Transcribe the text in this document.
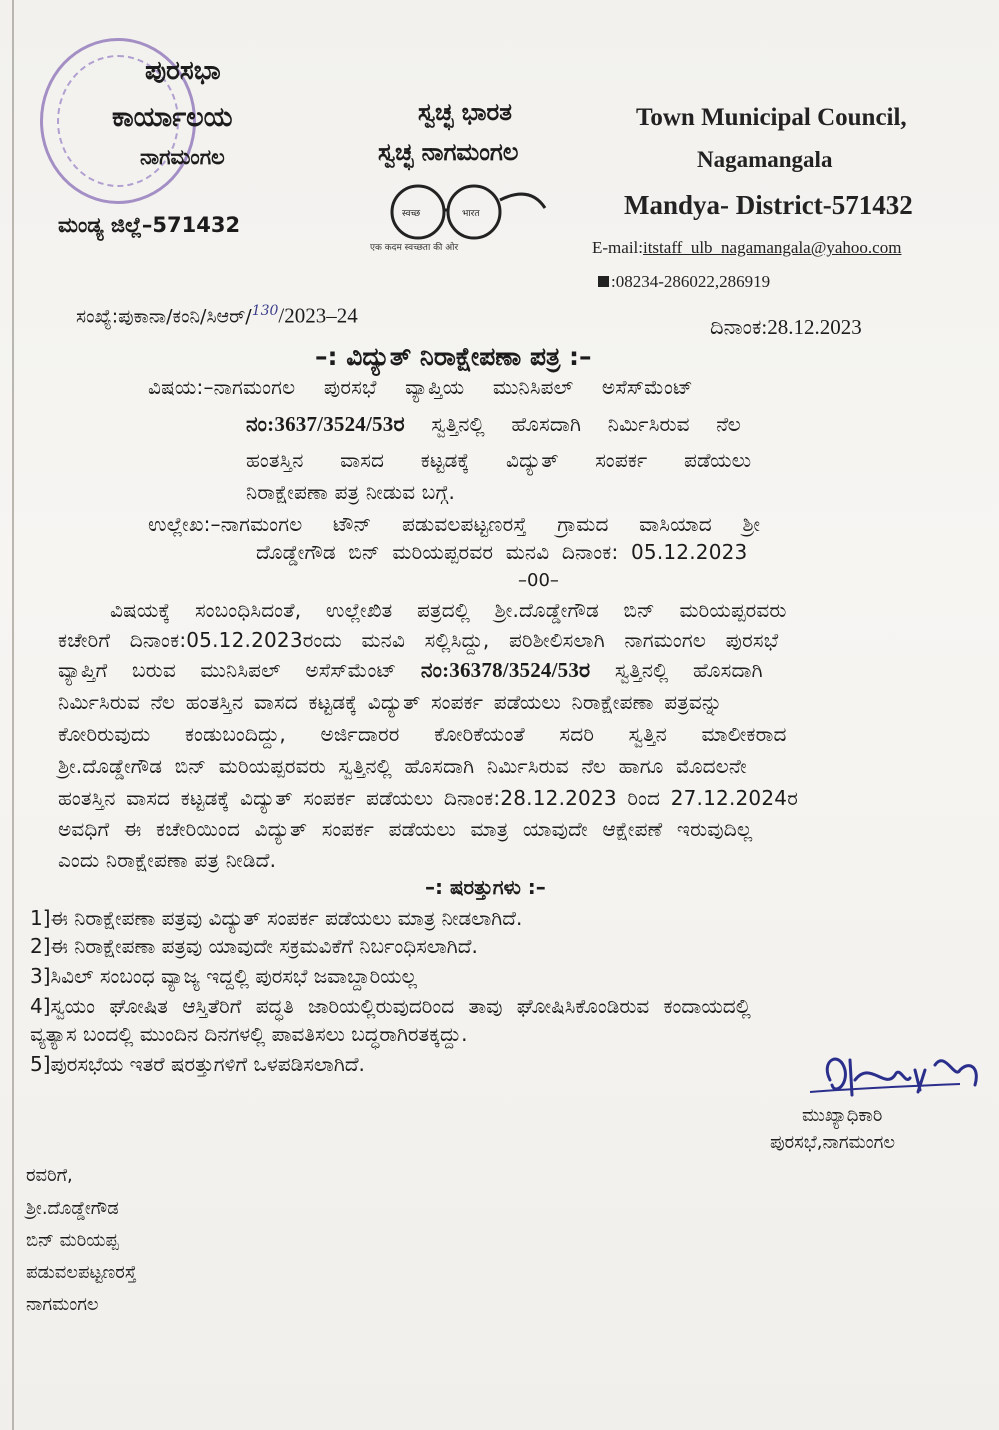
ಪುರಸಭಾ
ಕಾರ್ಯಾಲಯ
ನಾಗಮಂಗಲ
ಮಂಡ್ಯ ಜಿಲ್ಲೆ–571432
ಸ್ವಚ್ಛ ಭಾರತ
ಸ್ವಚ್ಛ ನಾಗಮಂಗಲ
स्वच्छ	भारत
एक कदम स्वच्छता की ओर
Town Municipal Council,
Nagamangala
Mandya- District-571432
E-mail:itstaff_ulb_nagamangala@yahoo.com
:08234-286022,286919
ಸಂಖ್ಯೆ:ಪುಕಾನಾ/ಕಂನಿ/ಸಿಆರ್/$^{130}$/2023–24	ದಿನಾಂಕ:28.12.2023
–: ವಿದ್ಯುತ್ ನಿರಾಕ್ಷೇಪಣಾ ಪತ್ರ :–
ವಿಷಯ:–ನಾಗಮಂಗಲ ಪುರಸಭೆ ವ್ಯಾಪ್ತಿಯ ಮುನಿಸಿಪಲ್ ಅಸೆಸ್‌ಮೆಂಟ್
ನಂ:3637/3524/53ರ ಸ್ವತ್ತಿನಲ್ಲಿ ಹೊಸದಾಗಿ ನಿರ್ಮಿಸಿರುವ ನೆಲ
ಹಂತಸ್ತಿನ ವಾಸದ ಕಟ್ಟಡಕ್ಕೆ ವಿದ್ಯುತ್ ಸಂಪರ್ಕ ಪಡೆಯಲು
ನಿರಾಕ್ಷೇಪಣಾ ಪತ್ರ ನೀಡುವ ಬಗ್ಗೆ.
ಉಲ್ಲೇಖ:–ನಾಗಮಂಗಲ ಟೌನ್ ಪಡುವಲಪಟ್ಟಣರಸ್ತೆ ಗ್ರಾಮದ ವಾಸಿಯಾದ ಶ್ರೀ
ದೊಡ್ಡೇಗೌಡ ಬಿನ್ ಮರಿಯಪ್ಪರವರ ಮನವಿ ದಿನಾಂಕ: 05.12.2023
–00–
ವಿಷಯಕ್ಕೆ ಸಂಬಂಧಿಸಿದಂತೆ, ಉಲ್ಲೇಖಿತ ಪತ್ರದಲ್ಲಿ ಶ್ರೀ.ದೊಡ್ಡೇಗೌಡ ಬಿನ್ ಮರಿಯಪ್ಪರವರು
ಕಚೇರಿಗೆ ದಿನಾಂಕ:05.12.2023ರಂದು ಮನವಿ ಸಲ್ಲಿಸಿದ್ದು, ಪರಿಶೀಲಿಸಲಾಗಿ ನಾಗಮಂಗಲ ಪುರಸಭೆ
ವ್ಯಾಪ್ತಿಗೆ ಬರುವ ಮುನಿಸಿಪಲ್ ಅಸೆಸ್‌ಮೆಂಟ್ ನಂ:36378/3524/53ರ ಸ್ವತ್ತಿನಲ್ಲಿ ಹೊಸದಾಗಿ
ನಿರ್ಮಿಸಿರುವ ನೆಲ ಹಂತಸ್ತಿನ ವಾಸದ ಕಟ್ಟಡಕ್ಕೆ ವಿದ್ಯುತ್ ಸಂಪರ್ಕ ಪಡೆಯಲು ನಿರಾಕ್ಷೇಪಣಾ ಪತ್ರವನ್ನು
ಕೋರಿರುವುದು ಕಂಡುಬಂದಿದ್ದು, ಅರ್ಜಿದಾರರ ಕೋರಿಕೆಯಂತೆ ಸದರಿ ಸ್ವತ್ತಿನ ಮಾಲೀಕರಾದ
ಶ್ರೀ.ದೊಡ್ಡೇಗೌಡ ಬಿನ್ ಮರಿಯಪ್ಪರವರು ಸ್ವತ್ತಿನಲ್ಲಿ ಹೊಸದಾಗಿ ನಿರ್ಮಿಸಿರುವ ನೆಲ ಹಾಗೂ ಮೊದಲನೇ
ಹಂತಸ್ತಿನ ವಾಸದ ಕಟ್ಟಡಕ್ಕೆ ವಿದ್ಯುತ್ ಸಂಪರ್ಕ ಪಡೆಯಲು ದಿನಾಂಕ:28.12.2023 ರಿಂದ 27.12.2024ರ
ಅವಧಿಗೆ ಈ ಕಚೇರಿಯಿಂದ ವಿದ್ಯುತ್ ಸಂಪರ್ಕ ಪಡೆಯಲು ಮಾತ್ರ ಯಾವುದೇ ಆಕ್ಷೇಪಣೆ ಇರುವುದಿಲ್ಲ
ಎಂದು ನಿರಾಕ್ಷೇಪಣಾ ಪತ್ರ ನೀಡಿದೆ.
–: ಷರತ್ತುಗಳು :–
1]ಈ ನಿರಾಕ್ಷೇಪಣಾ ಪತ್ರವು ವಿದ್ಯುತ್ ಸಂಪರ್ಕ ಪಡೆಯಲು ಮಾತ್ರ ನೀಡಲಾಗಿದೆ.
2]ಈ ನಿರಾಕ್ಷೇಪಣಾ ಪತ್ರವು ಯಾವುದೇ ಸಕ್ರಮವಿಕೆಗೆ ನಿರ್ಬಂಧಿಸಲಾಗಿದೆ.
3]ಸಿವಿಲ್ ಸಂಬಂಧ ವ್ಯಾಜ್ಯ ಇದ್ದಲ್ಲಿ ಪುರಸಭೆ ಜವಾಬ್ದಾರಿಯಲ್ಲ
4]ಸ್ವಯಂ ಘೋಷಿತ ಆಸ್ತಿತೆರಿಗೆ ಪದ್ಧತಿ ಜಾರಿಯಲ್ಲಿರುವುದರಿಂದ ತಾವು ಘೋಷಿಸಿಕೊಂಡಿರುವ ಕಂದಾಯದಲ್ಲಿ
ವ್ಯತ್ಯಾಸ ಬಂದಲ್ಲಿ ಮುಂದಿನ ದಿನಗಳಲ್ಲಿ ಪಾವತಿಸಲು ಬದ್ಧರಾಗಿರತಕ್ಕದ್ದು.
5]ಪುರಸಭೆಯ ಇತರೆ ಷರತ್ತುಗಳಿಗೆ ಒಳಪಡಿಸಲಾಗಿದೆ.
ಮುಖ್ಯಾಧಿಕಾರಿ
ಪುರಸಭೆ,ನಾಗಮಂಗಲ
ರವರಿಗೆ,
ಶ್ರೀ.ದೊಡ್ಡೇಗೌಡ
ಬಿನ್ ಮರಿಯಪ್ಪ
ಪಡುವಲಪಟ್ಟಣರಸ್ತೆ
ನಾಗಮಂಗಲ
